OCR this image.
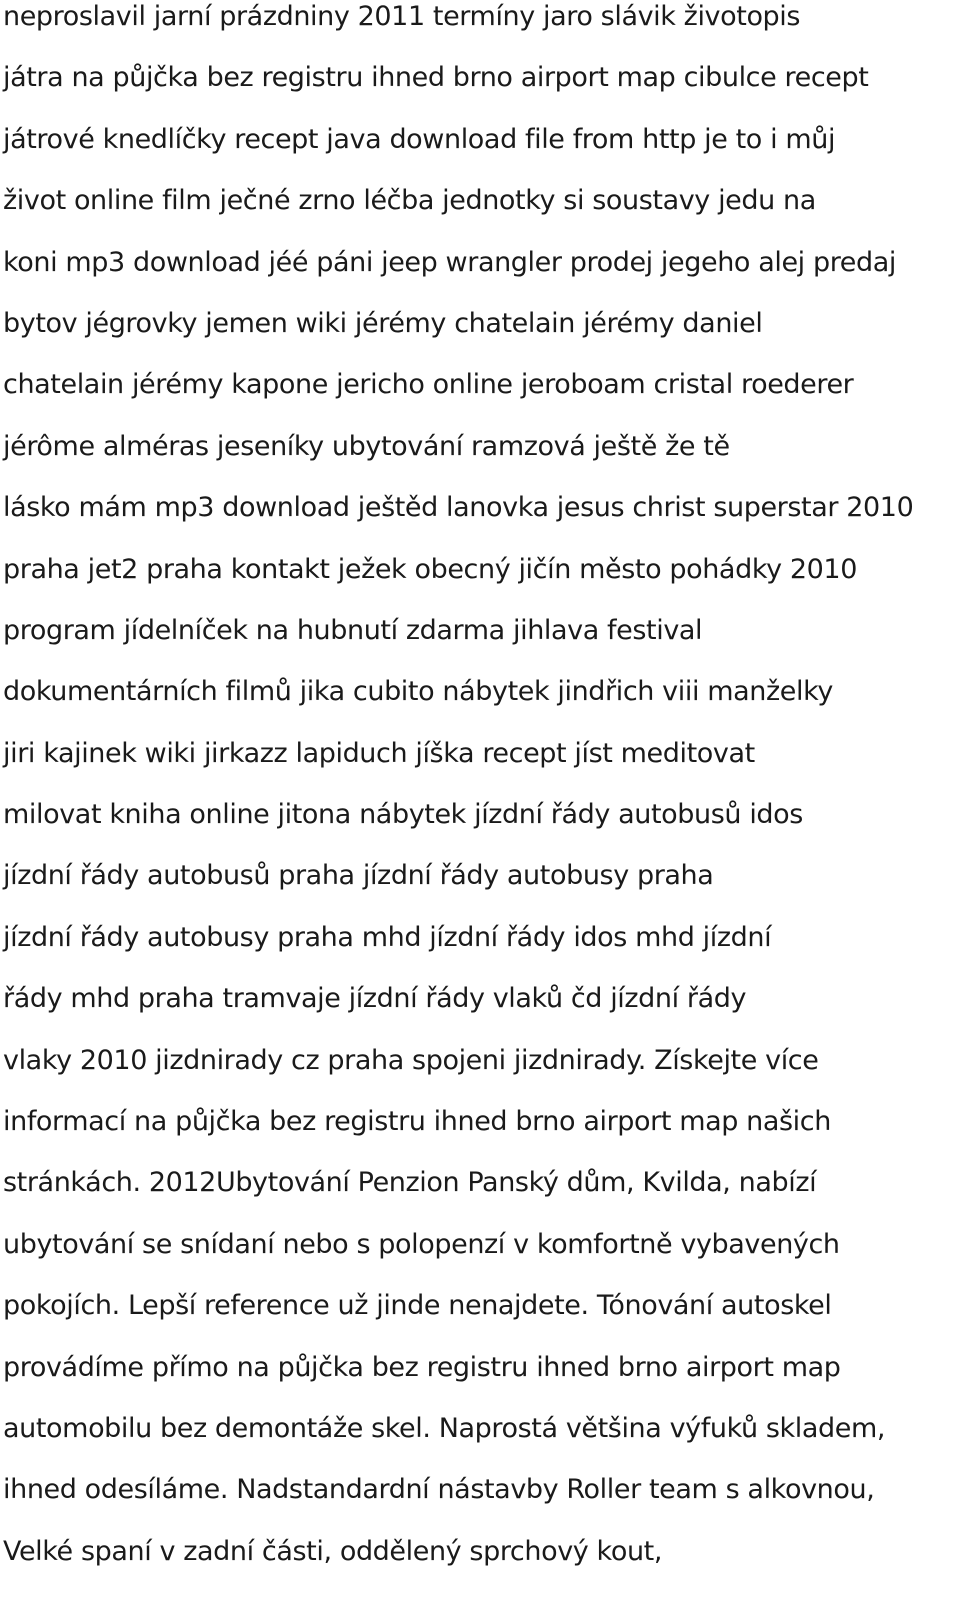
neproslavil jarní prázdniny 2011 termíny jaro slávik životopis
játra na půjčka bez registru ihned brno airport map cibulce recept
játrové knedlíčky recept java download file from http je to i můj
život online film ječné zrno léčba jednotky si soustavy jedu na
koni mp3 download jéé páni jeep wrangler prodej jegeho alej predaj
bytov jégrovky jemen wiki jérémy chatelain jérémy daniel
chatelain jérémy kapone jericho online jeroboam cristal roederer
jérôme alméras jeseníky ubytování ramzová ještě že tě
lásko mám mp3 download ještěd lanovka jesus christ superstar 2010
praha jet2 praha kontakt ježek obecný jičín město pohádky 2010
program jídelníček na hubnutí zdarma jihlava festival
dokumentárních filmů jika cubito nábytek jindřich viii manželky
jiri kajinek wiki jirkazz lapiduch jíška recept jíst meditovat
milovat kniha online jitona nábytek jízdní řády autobusů idos
jízdní řády autobusů praha jízdní řády autobusy praha
jízdní řády autobusy praha mhd jízdní řády idos mhd jízdní
řády mhd praha tramvaje jízdní řády vlaků čd jízdní řády
vlaky 2010 jizdnirady cz praha spojeni jizdnirady. Získejte více
informací na půjčka bez registru ihned brno airport map našich
stránkách. 2012Ubytování Penzion Panský dům, Kvilda, nabízí
ubytování se snídaní nebo s polopenzí v komfortně vybavených
pokojích. Lepší reference už jinde nenajdete. Tónování autoskel
provádíme přímo na půjčka bez registru ihned brno airport map
automobilu bez demontáže skel. Naprostá většina výfuků skladem,
ihned odesíláme. Nadstandardní nástavby Roller team s alkovnou,
Velké spaní v zadní části, oddělený sprchový kout,
